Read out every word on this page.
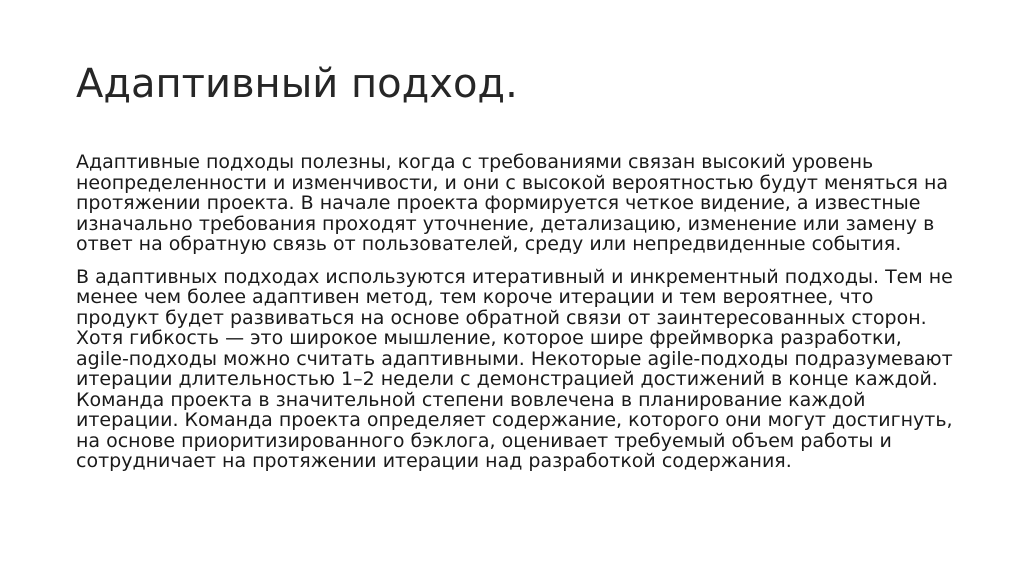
Адаптивный подход.

Адаптивные подходы полезны, когда с требованиями связан высокий уровень неопределенности и изменчивости, и они с высокой вероятностью будут меняться на протяжении проекта. В начале проекта формируется четкое видение, а известные изначально требования проходят уточнение, детализацию, изменение или замену в ответ на обратную связь от пользователей, среду или непредвиденные события.

В адаптивных подходах используются итеративный и инкрементный подходы. Тем не менее чем более адаптивен метод, тем короче итерации и тем вероятнее, что продукт будет развиваться на основе обратной связи от заинтересованных сторон. Хотя гибкость — это широкое мышление, которое шире фреймворка разработки, agile-подходы можно считать адаптивными. Некоторые agile-подходы подразумевают итерации длительностью 1–2 недели с демонстрацией достижений в конце каждой. Команда проекта в значительной степени вовлечена в планирование каждой итерации. Команда проекта определяет содержание, которого они могут достигнуть, на основе приоритизированного бэклога, оценивает требуемый объем работы и сотрудничает на протяжении итерации над разработкой содержания.
